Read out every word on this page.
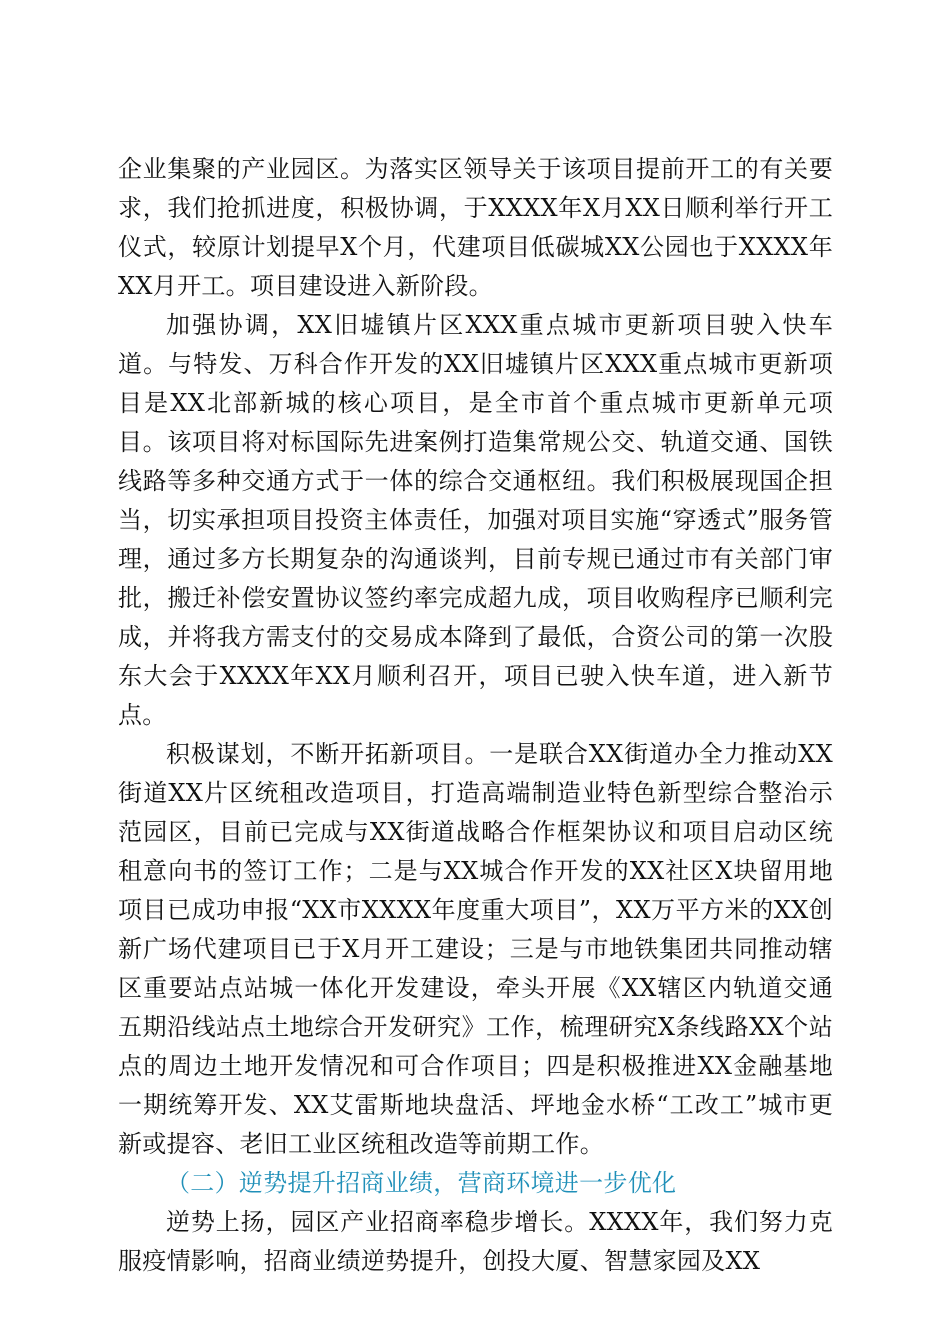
企业集聚的产业园区。为落实区领导关于该项目提前开工的有关要求，我们抢抓进度，积极协调，于XXXX年X月XX日顺利举行开工仪式，较原计划提早X个月，代建项目低碳城XX公园也于XXXX年XX月开工。项目建设进入新阶段。

加强协调，XX旧墟镇片区XXX重点城市更新项目驶入快车道。与特发、万科合作开发的XX旧墟镇片区XXX重点城市更新项目是XX北部新城的核心项目，是全市首个重点城市更新单元项目。该项目将对标国际先进案例打造集常规公交、轨道交通、国铁线路等多种交通方式于一体的综合交通枢纽。我们积极展现国企担当，切实承担项目投资主体责任，加强对项目实施“穿透式”服务管理，通过多方长期复杂的沟通谈判，目前专规已通过市有关部门审批，搬迁补偿安置协议签约率完成超九成，项目收购程序已顺利完成，并将我方需支付的交易成本降到了最低，合资公司的第一次股东大会于XXXX年XX月顺利召开，项目已驶入快车道，进入新节点。

积极谋划，不断开拓新项目。一是联合XX街道办全力推动XX街道XX片区统租改造项目，打造高端制造业特色新型综合整治示范园区，目前已完成与XX街道战略合作框架协议和项目启动区统租意向书的签订工作；二是与XX城合作开发的XX社区X块留用地项目已成功申报“XX市XXXX年度重大项目”，XX万平方米的XX创新广场代建项目已于X月开工建设；三是与市地铁集团共同推动辖区重要站点站城一体化开发建设，牵头开展《XX辖区内轨道交通五期沿线站点土地综合开发研究》工作，梳理研究X条线路XX个站点的周边土地开发情况和可合作项目；四是积极推进XX金融基地一期统筹开发、XX艾雷斯地块盘活、坪地金水桥“工改工”城市更新或提容、老旧工业区统租改造等前期工作。

（二）逆势提升招商业绩，营商环境进一步优化

逆势上扬，园区产业招商率稳步增长。XXXX年，我们努力克服疫情影响，招商业绩逆势提升，创投大厦、智慧家园及XX
